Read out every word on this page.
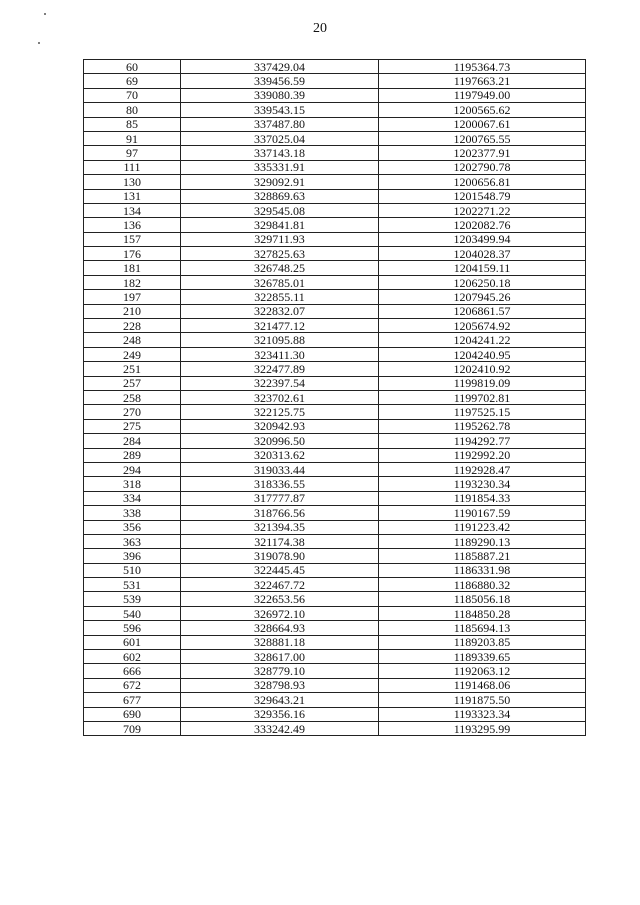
20
60	337429.04	1195364.73
69	339456.59	1197663.21
70	339080.39	1197949.00
80	339543.15	1200565.62
85	337487.80	1200067.61
91	337025.04	1200765.55
97	337143.18	1202377.91
111	335331.91	1202790.78
130	329092.91	1200656.81
131	328869.63	1201548.79
134	329545.08	1202271.22
136	329841.81	1202082.76
157	329711.93	1203499.94
176	327825.63	1204028.37
181	326748.25	1204159.11
182	326785.01	1206250.18
197	322855.11	1207945.26
210	322832.07	1206861.57
228	321477.12	1205674.92
248	321095.88	1204241.22
249	323411.30	1204240.95
251	322477.89	1202410.92
257	322397.54	1199819.09
258	323702.61	1199702.81
270	322125.75	1197525.15
275	320942.93	1195262.78
284	320996.50	1194292.77
289	320313.62	1192992.20
294	319033.44	1192928.47
318	318336.55	1193230.34
334	317777.87	1191854.33
338	318766.56	1190167.59
356	321394.35	1191223.42
363	321174.38	1189290.13
396	319078.90	1185887.21
510	322445.45	1186331.98
531	322467.72	1186880.32
539	322653.56	1185056.18
540	326972.10	1184850.28
596	328664.93	1185694.13
601	328881.18	1189203.85
602	328617.00	1189339.65
666	328779.10	1192063.12
672	328798.93	1191468.06
677	329643.21	1191875.50
690	329356.16	1193323.34
709	333242.49	1193295.99
